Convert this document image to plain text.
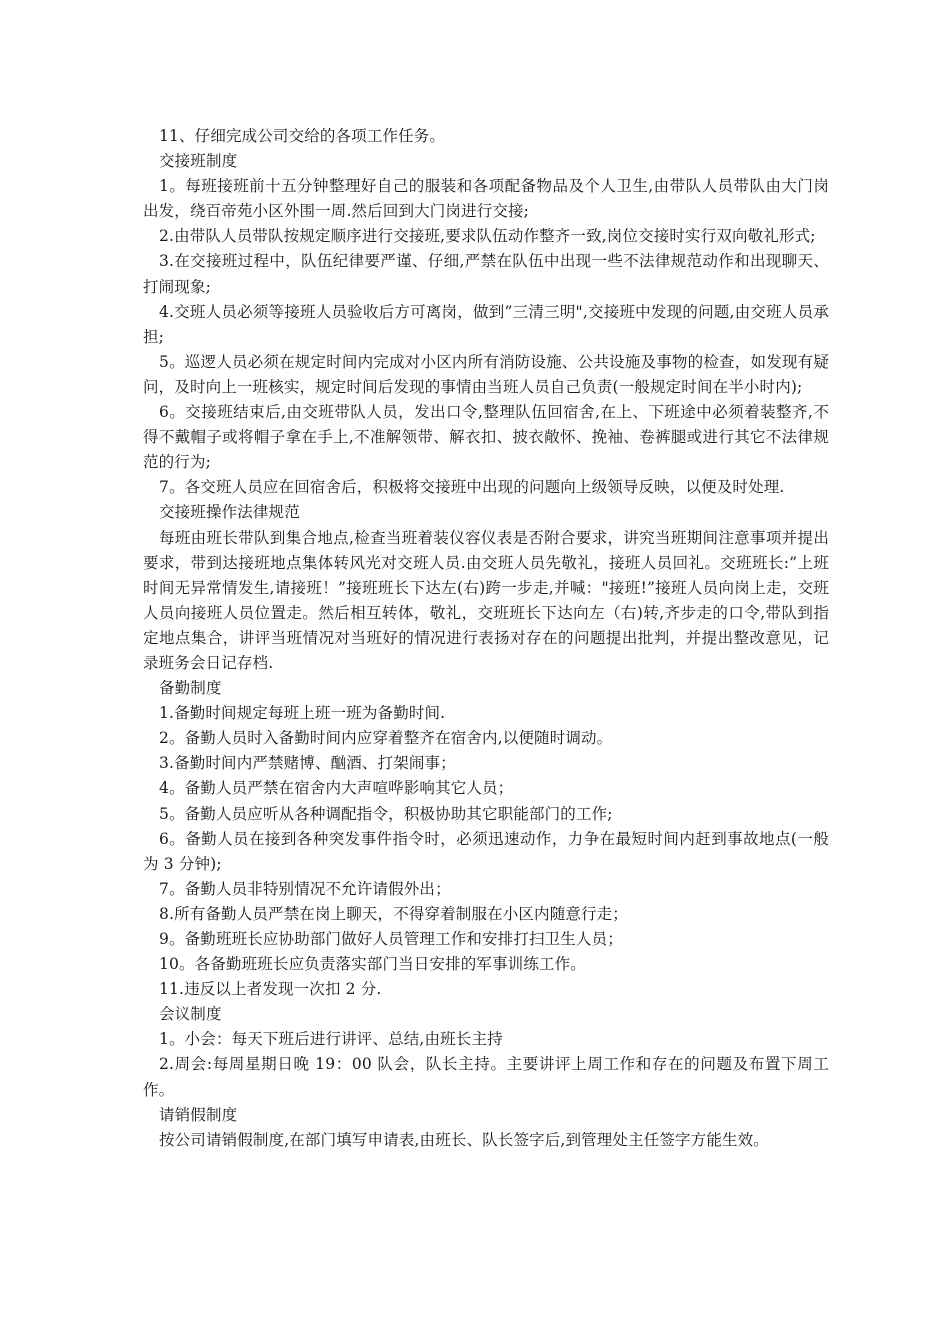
11、仔细完成公司交给的各项工作任务。

交接班制度

1。每班接班前十五分钟整理好自己的服装和各项配备物品及个人卫生,由带队人员带队由大门岗出发，绕百帝苑小区外围一周.然后回到大门岗进行交接;

2.由带队人员带队按规定顺序进行交接班,要求队伍动作整齐一致,岗位交接时实行双向敬礼形式;

3.在交接班过程中，队伍纪律要严谨、仔细,严禁在队伍中出现一些不法律规范动作和出现聊天、打闹现象;

4.交班人员必须等接班人员验收后方可离岗，做到”三清三明",交接班中发现的问题,由交班人员承担;

5。巡逻人员必须在规定时间内完成对小区内所有消防设施、公共设施及事物的检查，如发现有疑问，及时向上一班核实，规定时间后发现的事情由当班人员自己负责(一般规定时间在半小时内);

6。交接班结束后,由交班带队人员，发出口令,整理队伍回宿舍,在上、下班途中必须着装整齐,不得不戴帽子或将帽子拿在手上,不准解领带、解衣扣、披衣敞怀、挽袖、卷裤腿或进行其它不法律规范的行为;

7。各交班人员应在回宿舍后，积极将交接班中出现的问题向上级领导反映，以便及时处理.

交接班操作法律规范

每班由班长带队到集合地点,检查当班着装仪容仪表是否附合要求，讲究当班期间注意事项并提出要求，带到达接班地点集体转风光对交班人员.由交班人员先敬礼，接班人员回礼。交班班长:”上班时间无异常情发生,请接班！”接班班长下达左(右)跨一步走,并喊："接班!”接班人员向岗上走，交班人员向接班人员位置走。然后相互转体，敬礼，交班班长下达向左（右)转,齐步走的口令,带队到指定地点集合，讲评当班情况对当班好的情况进行表扬对存在的问题提出批判，并提出整改意见，记录班务会日记存档.

备勤制度

1.备勤时间规定每班上班一班为备勤时间.

2。备勤人员时入备勤时间内应穿着整齐在宿舍内,以便随时调动。

3.备勤时间内严禁赌博、酗酒、打架闹事；

4。备勤人员严禁在宿舍内大声喧哗影响其它人员；

5。备勤人员应听从各种调配指令，积极协助其它职能部门的工作;

6。备勤人员在接到各种突发事件指令时，必须迅速动作，力争在最短时间内赶到事故地点(一般为 3 分钟);

7。备勤人员非特别情况不允许请假外出；

8.所有备勤人员严禁在岗上聊天，不得穿着制服在小区内随意行走；

9。备勤班班长应协助部门做好人员管理工作和安排打扫卫生人员；

10。各备勤班班长应负责落实部门当日安排的军事训练工作。

11.违反以上者发现一次扣 2 分.

会议制度

1。小会：每天下班后进行讲评、总结,由班长主持

2.周会:每周星期日晚 19：00 队会，队长主持。主要讲评上周工作和存在的问题及布置下周工作。

请销假制度

按公司请销假制度,在部门填写申请表,由班长、队长签字后,到管理处主任签字方能生效。
